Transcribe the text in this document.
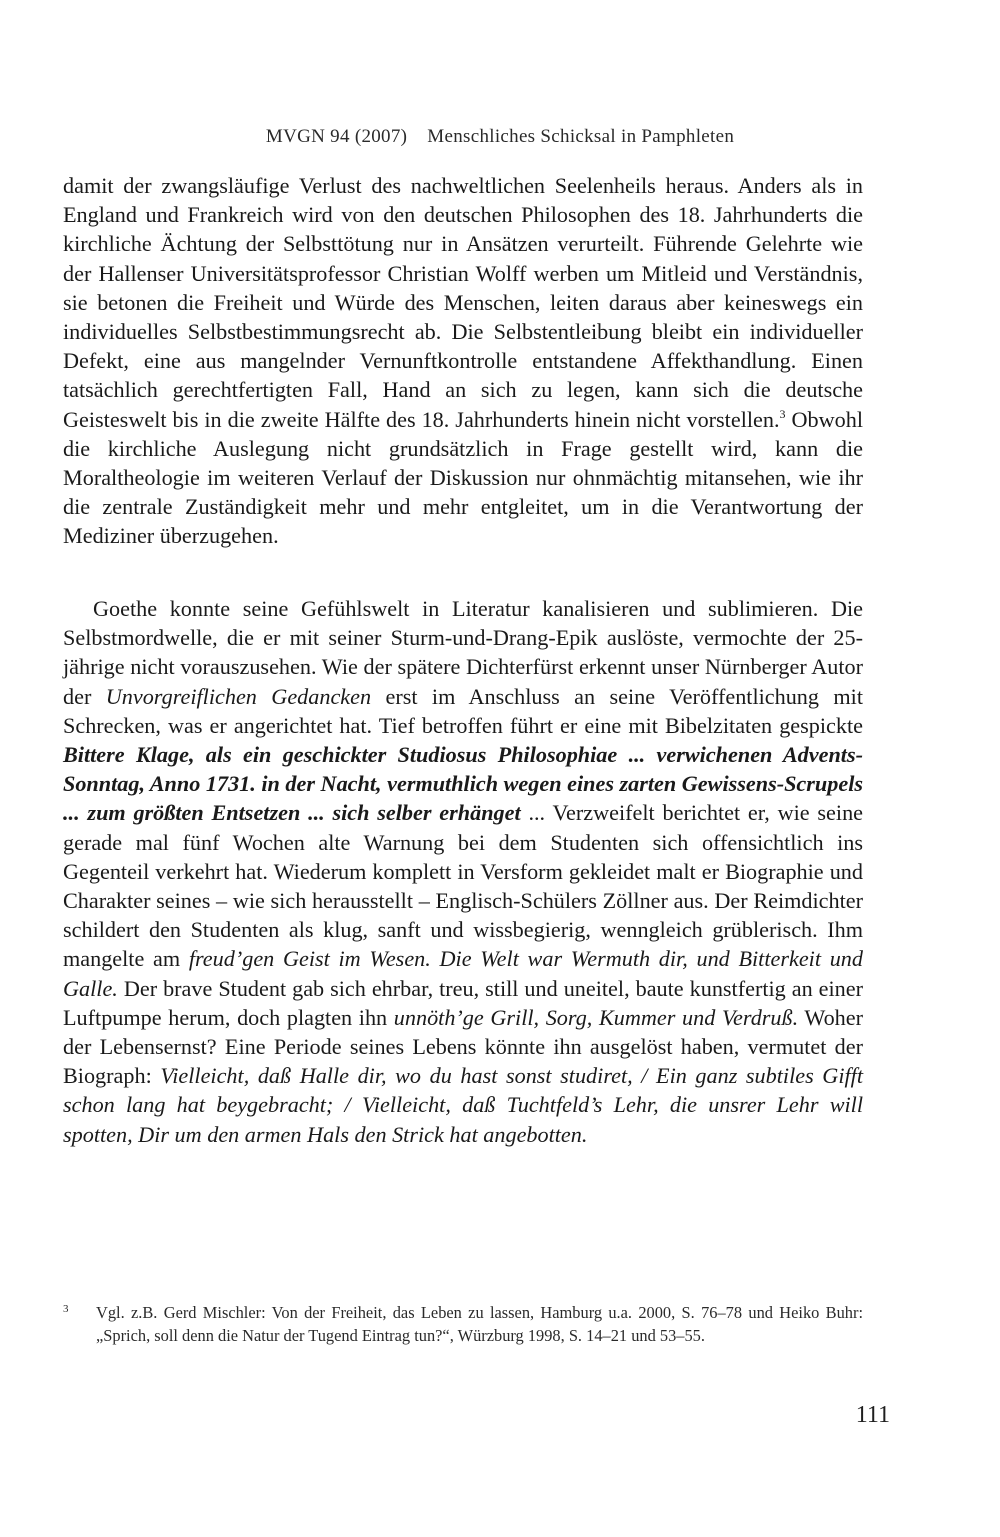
MVGN 94 (2007) Menschliches Schicksal in Pamphleten

damit der zwangsläufige Verlust des nachweltlichen Seelenheils heraus. Anders als in England und Frankreich wird von den deutschen Philosophen des 18. Jahrhunderts die kirchliche Ächtung der Selbsttötung nur in Ansätzen verurteilt. Führende Gelehrte wie der Hallenser Universitätsprofessor Christian Wolff werben um Mitleid und Verständnis, sie betonen die Freiheit und Würde des Menschen, leiten daraus aber keineswegs ein individuelles Selbstbestimmungsrecht ab. Die Selbstentleibung bleibt ein individueller Defekt, eine aus mangelnder Vernunftkontrolle entstandene Affekthandlung. Einen tatsächlich gerechtfertigten Fall, Hand an sich zu legen, kann sich die deutsche Geisteswelt bis in die zweite Hälfte des 18. Jahrhunderts hinein nicht vorstellen.$^3$ Obwohl die kirchliche Auslegung nicht grundsätzlich in Frage gestellt wird, kann die Moraltheologie im weiteren Verlauf der Diskussion nur ohnmächtig mitansehen, wie ihr die zentrale Zuständigkeit mehr und mehr entgleitet, um in die Verantwortung der Mediziner überzugehen.

Goethe konnte seine Gefühlswelt in Literatur kanalisieren und sublimieren. Die Selbstmordwelle, die er mit seiner Sturm-und-Drang-Epik auslöste, vermochte der 25-jährige nicht vorauszusehen. Wie der spätere Dichterfürst erkennt unser Nürnberger Autor der Unvorgreiflichen Gedancken erst im Anschluss an seine Veröffentlichung mit Schrecken, was er angerichtet hat. Tief betroffen führt er eine mit Bibelzitaten gespickte Bittere Klage, als ein geschickter Studiosus Philosophiae ... verwichenen Advents-Sonntag, Anno 1731. in der Nacht, vermuthlich wegen eines zarten Gewissens-Scrupels ... zum größten Entsetzen ... sich selber erhänget ... Verzweifelt berichtet er, wie seine gerade mal fünf Wochen alte Warnung bei dem Studenten sich offensichtlich ins Gegenteil verkehrt hat. Wiederum komplett in Versform gekleidet malt er Biographie und Charakter seines – wie sich herausstellt – Englisch-Schülers Zöllner aus. Der Reimdichter schildert den Studenten als klug, sanft und wissbegierig, wenngleich grüblerisch. Ihm mangelte am freud’gen Geist im Wesen. Die Welt war Wermuth dir, und Bitterkeit und Galle. Der brave Student gab sich ehrbar, treu, still und uneitel, baute kunstfertig an einer Luftpumpe herum, doch plagten ihn unnöth’ge Grill, Sorg, Kummer und Verdruß. Woher der Lebensernst? Eine Periode seines Lebens könnte ihn ausgelöst haben, vermutet der Biograph: Vielleicht, daß Halle dir, wo du hast sonst studiret, / Ein ganz subtiles Gifft schon lang hat beygebracht; / Vielleicht, daß Tuchtfeld’s Lehr, die unsrer Lehr will spotten, Dir um den armen Hals den Strick hat angebotten.

3 Vgl. z.B. Gerd Mischler: Von der Freiheit, das Leben zu lassen, Hamburg u.a. 2000, S. 76–78 und Heiko Buhr: „Sprich, soll denn die Natur der Tugend Eintrag tun?“, Würzburg 1998, S. 14–21 und 53–55.
111
